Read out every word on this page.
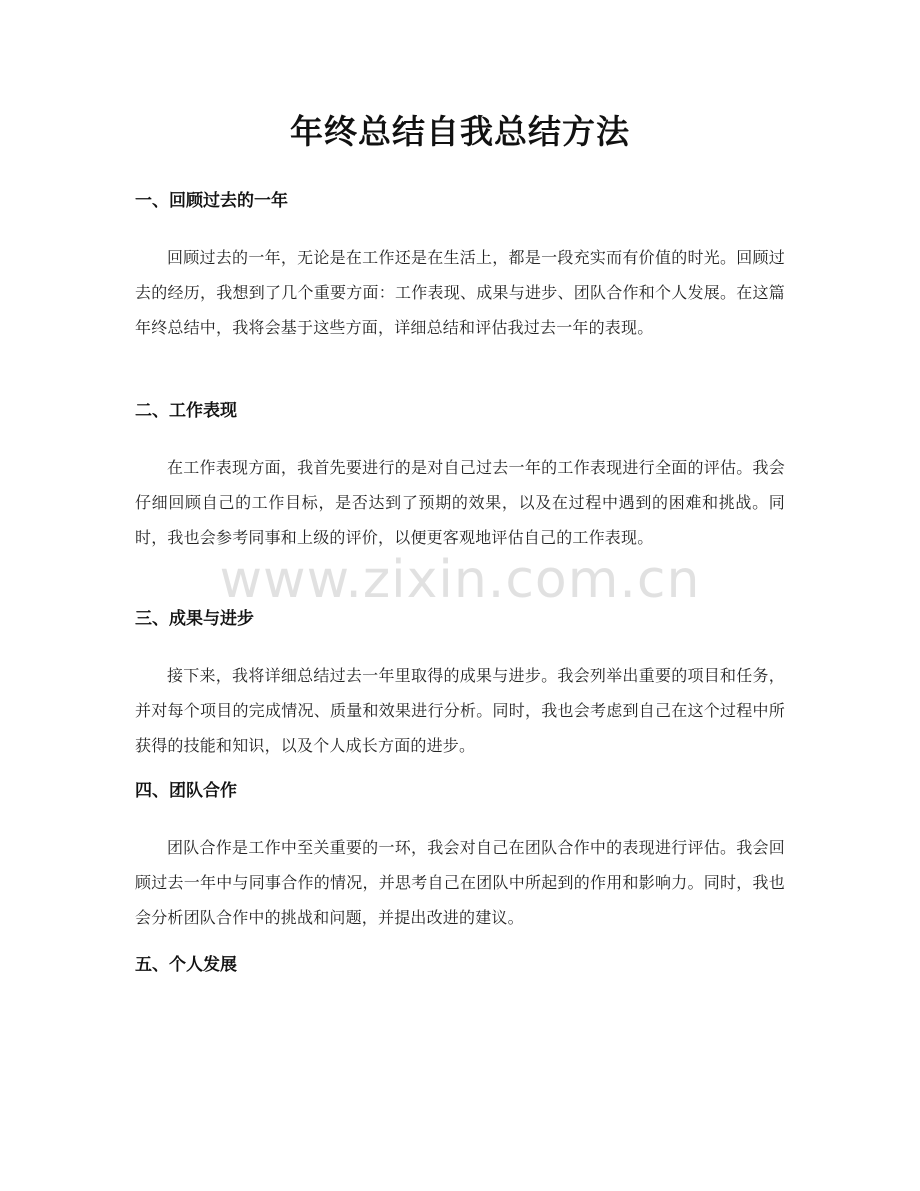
年终总结自我总结方法
一、回顾过去的一年

回顾过去的一年，无论是在工作还是在生活上，都是一段充实而有价值的时光。回顾过去的经历，我想到了几个重要方面：工作表现、成果与进步、团队合作和个人发展。在这篇年终总结中，我将会基于这些方面，详细总结和评估我过去一年的表现。

二、工作表现

在工作表现方面，我首先要进行的是对自己过去一年的工作表现进行全面的评估。我会仔细回顾自己的工作目标，是否达到了预期的效果，以及在过程中遇到的困难和挑战。同时，我也会参考同事和上级的评价，以便更客观地评估自己的工作表现。

三、成果与进步

接下来，我将详细总结过去一年里取得的成果与进步。我会列举出重要的项目和任务，并对每个项目的完成情况、质量和效果进行分析。同时，我也会考虑到自己在这个过程中所获得的技能和知识，以及个人成长方面的进步。

四、团队合作

团队合作是工作中至关重要的一环，我会对自己在团队合作中的表现进行评估。我会回顾过去一年中与同事合作的情况，并思考自己在团队中所起到的作用和影响力。同时，我也会分析团队合作中的挑战和问题，并提出改进的建议。

五、个人发展
www.zixin.com.cn
